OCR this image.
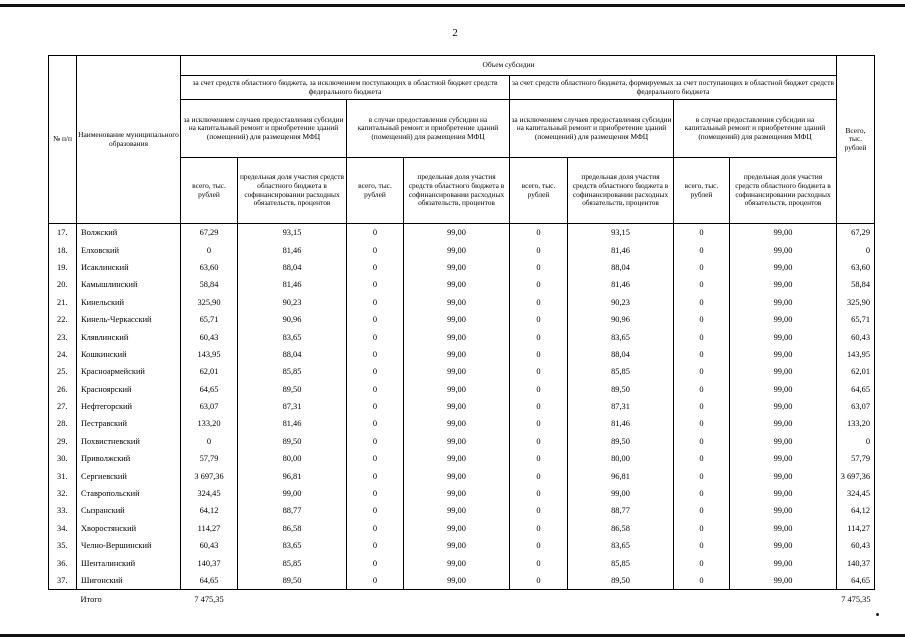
2
№ п/п	Наименование муниципального образования	Объем субсидии								Всего, тыс. рублей
		за счет средств областного бюджета, за исключением поступающих в областной бюджет средств федерального бюджета				за счет средств областного бюджета, формируемых за счет поступающих в областной бюджет средств федерального бюджета				
		за исключением случаев предоставления субсидии на капитальный ремонт и приобретение зданий (помещений) для размещения МФЦ		в случае предоставления субсидии на капитальный ремонт и приобретение зданий (помещений) для размещения МФЦ		за исключением случаев предоставления субсидии на капитальный ремонт и приобретение зданий (помещений) для размещения МФЦ		в случае предоставления субсидии на капитальный ремонт и приобретение зданий (помещений) для размещения МФЦ		
		всего, тыс. рублей	предельная доля участия средств областного бюджета в софинансировании расходных обязательств, процентов	всего, тыс. рублей	предельная доля участия средств областного бюджета в софинансировании расходных обязательств, процентов	всего, тыс. рублей	предельная доля участия средств областного бюджета в софинансировании расходных обязательств, процентов	всего, тыс. рублей	предельная доля участия средств областного бюджета в софинансировании расходных обязательств, процентов	
17.	Волжский	67,29	93,15	0	99,00	0	93,15	0	99,00	67,29
18.	Елховский	0	81,46	0	99,00	0	81,46	0	99,00	0
19.	Исаклинский	63,60	88,04	0	99,00	0	88,04	0	99,00	63,60
20.	Камышлинский	58,84	81,46	0	99,00	0	81,46	0	99,00	58,84
21.	Кинельский	325,90	90,23	0	99,00	0	90,23	0	99,00	325,90
22.	Кинель-Черкасский	65,71	90,96	0	99,00	0	90,96	0	99,00	65,71
23.	Клявлинский	60,43	83,65	0	99,00	0	83,65	0	99,00	60,43
24.	Кошкинский	143,95	88,04	0	99,00	0	88,04	0	99,00	143,95
25.	Красноармейский	62,01	85,85	0	99,00	0	85,85	0	99,00	62,01
26.	Красноярский	64,65	89,50	0	99,00	0	89,50	0	99,00	64,65
27.	Нефтегорский	63,07	87,31	0	99,00	0	87,31	0	99,00	63,07
28.	Пестравский	133,20	81,46	0	99,00	0	81,46	0	99,00	133,20
29.	Похвистневский	0	89,50	0	99,00	0	89,50	0	99,00	0
30.	Приволжский	57,79	80,00	0	99,00	0	80,00	0	99,00	57,79
31.	Сергиевский	3 697,36	96,81	0	99,00	0	96,81	0	99,00	3 697,36
32.	Ставропольский	324,45	99,00	0	99,00	0	99,00	0	99,00	324,45
33.	Сызранский	64,12	88,77	0	99,00	0	88,77	0	99,00	64,12
34.	Хворостянский	114,27	86,58	0	99,00	0	86,58	0	99,00	114,27
35.	Челно-Вершинский	60,43	83,65	0	99,00	0	83,65	0	99,00	60,43
36.	Шенталинский	140,37	85,85	0	99,00	0	85,85	0	99,00	140,37
37.	Шигонский	64,65	89,50	0	99,00	0	89,50	0	99,00	64,65
	Итого	7 475,35								7 475,35
